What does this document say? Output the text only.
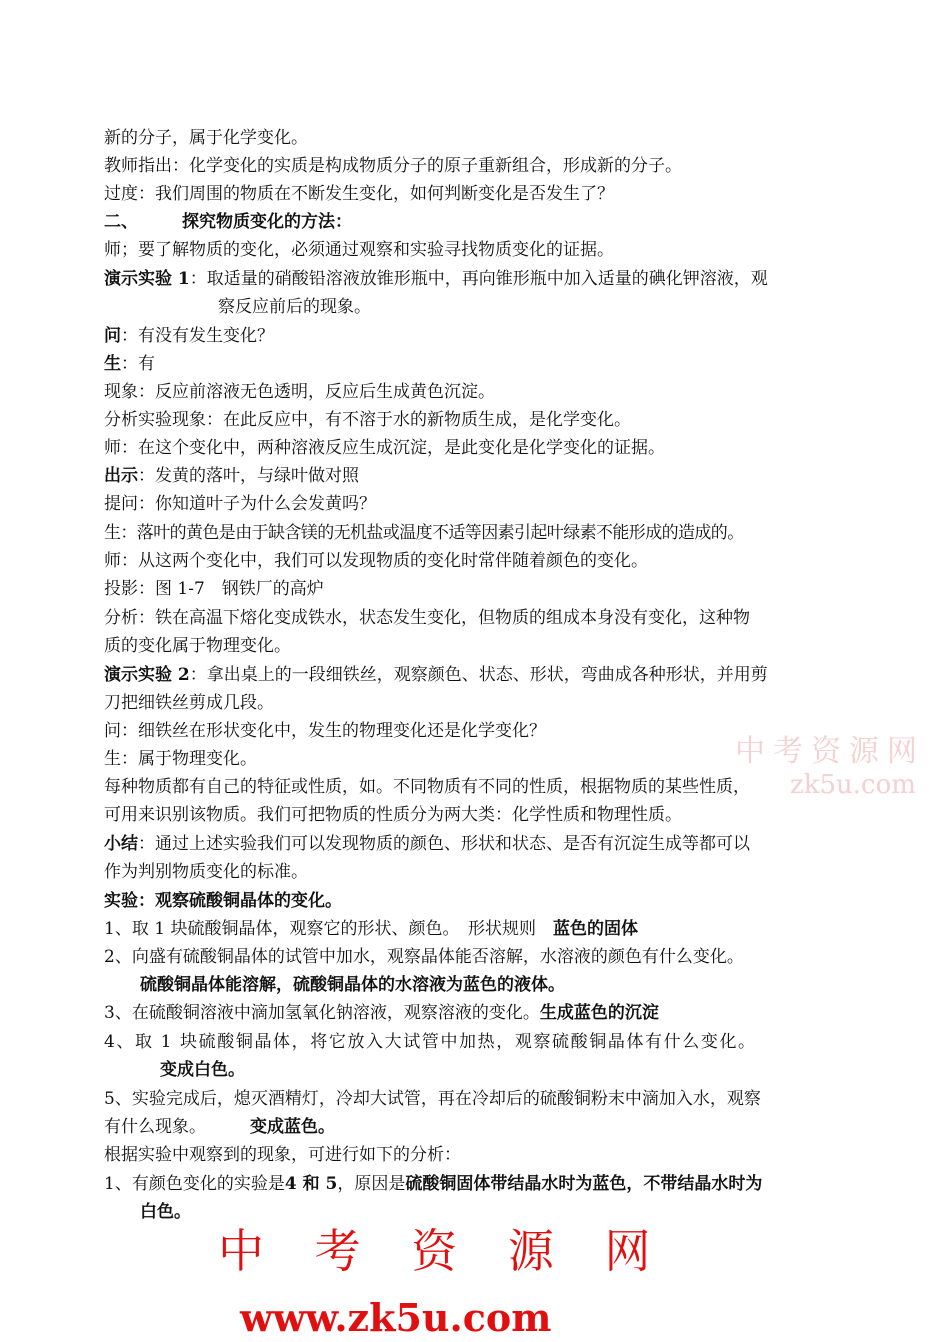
新的分子，属于化学变化。
教师指出：化学变化的实质是构成物质分子的原子重新组合，形成新的分子。
过度：我们周围的物质在不断发生变化，如何判断变化是否发生了？
二、	探究物质变化的方法：
师；要了解物质的变化，必须通过观察和实验寻找物质变化的证据。
演示实验 1：取适量的硝酸铅溶液放锥形瓶中，再向锥形瓶中加入适量的碘化钾溶液，观
察反应前后的现象。
问：有没有发生变化？
生：有
现象：反应前溶液无色透明，反应后生成黄色沉淀。
分析实验现象：在此反应中，有不溶于水的新物质生成，是化学变化。
师：在这个变化中，两种溶液反应生成沉淀，是此变化是化学变化的证据。
出示：发黄的落叶，与绿叶做对照
提问：你知道叶子为什么会发黄吗？
生：落叶的黄色是由于缺含镁的无机盐或温度不适等因素引起叶绿素不能形成的造成的。
师：从这两个变化中，我们可以发现物质的变化时常伴随着颜色的变化。
投影：图 1-7　钢铁厂的高炉
分析：铁在高温下熔化变成铁水，状态发生变化，但物质的组成本身没有变化，这种物
质的变化属于物理变化。
演示实验 2：拿出桌上的一段细铁丝，观察颜色、状态、形状，弯曲成各种形状，并用剪
刀把细铁丝剪成几段。
问：细铁丝在形状变化中，发生的物理变化还是化学变化？
生：属于物理变化。
每种物质都有自己的特征或性质，如。不同物质有不同的性质，根据物质的某些性质，
可用来识别该物质。我们可把物质的性质分为两大类：化学性质和物理性质。
小结：通过上述实验我们可以发现物质的颜色、形状和状态、是否有沉淀生成等都可以
作为判别物质变化的标准。
实验：观察硫酸铜晶体的变化。
1、取 1 块硫酸铜晶体，观察它的形状、颜色。　形状规则　蓝色的固体
2、向盛有硫酸铜晶体的试管中加水，观察晶体能否溶解，水溶液的颜色有什么变化。
硫酸铜晶体能溶解，硫酸铜晶体的水溶液为蓝色的液体。
3、在硫酸铜溶液中滴加氢氧化钠溶液，观察溶液的变化。生成蓝色的沉淀
4、取 1 块硫酸铜晶体，将它放入大试管中加热，观察硫酸铜晶体有什么变化。
变成白色。
5、实验完成后，熄灭酒精灯，冷却大试管，再在冷却后的硫酸铜粉末中滴加入水，观察
有什么现象。	变成蓝色。
根据实验中观察到的现象，可进行如下的分析：
1、有颜色变化的实验是4 和 5，原因是硫酸铜固体带结晶水时为蓝色，不带结晶水时为
白色。
中考资源网
zk5u.com
中 考 资 源 网
www.zk5u.com
